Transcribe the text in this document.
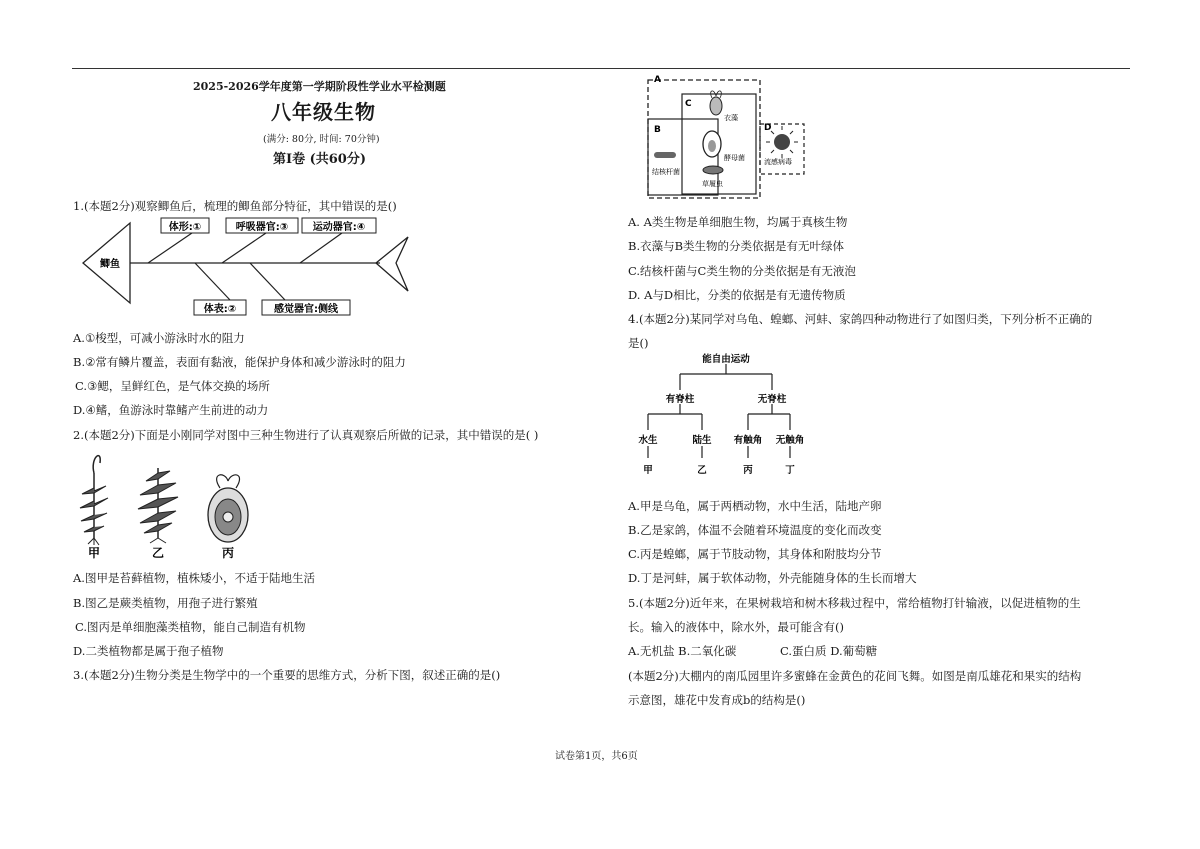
2025-2026学年度第一学期阶段性学业水平检测题
八年级生物
(满分: 80分, 时间: 70分钟)
第Ⅰ卷 (共60分)
1.(本题2分)观察鲫鱼后，梳理的鲫鱼部分特征，其中错误的是()
体形:①	呼吸器官:③ 运动器官:④
体表:②	感觉器官:侧线
鲫鱼
A.①梭型，可减小游泳时水的阻力
B.②常有鳞片覆盖，表面有黏液，能保护身体和减少游泳时的阻力
C.③鳃，呈鲜红色，是气体交换的场所
D.④鳍，鱼游泳时靠鳍产生前进的动力
2.(本题2分)下面是小刚同学对图中三种生物进行了认真观察后所做的记录，其中错误的是( )
甲	乙	丙
A.图甲是苔藓植物，植株矮小，不适于陆地生活
B.图乙是蕨类植物，用孢子进行繁殖
C.图丙是单细胞藻类植物，能自己制造有机物
D.二类植物都是属于孢子植物
3.(本题2分)生物分类是生物学中的一个重要的思维方式，分析下图，叙述正确的是()
A
B
C
D
衣藻
结核杆菌
酵母菌
草履虫
流感病毒
A. A类生物是单细胞生物，均属于真核生物
B.衣藻与B类生物的分类依据是有无叶绿体
C.结核杆菌与C类生物的分类依据是有无液泡
D. A与D相比，分类的依据是有无遗传物质
4.(本题2分)某同学对乌龟、蝗螂、河蚌、家鸽四种动物进行了如图归类，下列分析不正确的
是()
能自由运动
有脊柱	无脊柱
水生	陆生 有触角 无触角
甲	乙	丙	丁
A.甲是乌龟，属于两栖动物，水中生活，陆地产卵
B.乙是家鸽，体温不会随着环境温度的变化而改变
C.丙是蝗螂，属于节肢动物，其身体和附肢均分节
D.丁是河蚌，属于软体动物，外壳能随身体的生长而增大
5.(本题2分)近年来，在果树栽培和树木移栽过程中，常给植物打针输液，以促进植物的生
长。输入的液体中，除水外，最可能含有()
A.无机盐 B.二氧化碳	C.蛋白质 D.葡萄糖
(本题2分)大棚内的南瓜园里许多蜜蜂在金黄色的花间飞舞。如图是南瓜雄花和果实的结构
示意图，雄花中发育成b的结构是()
试卷第1页，共6页
